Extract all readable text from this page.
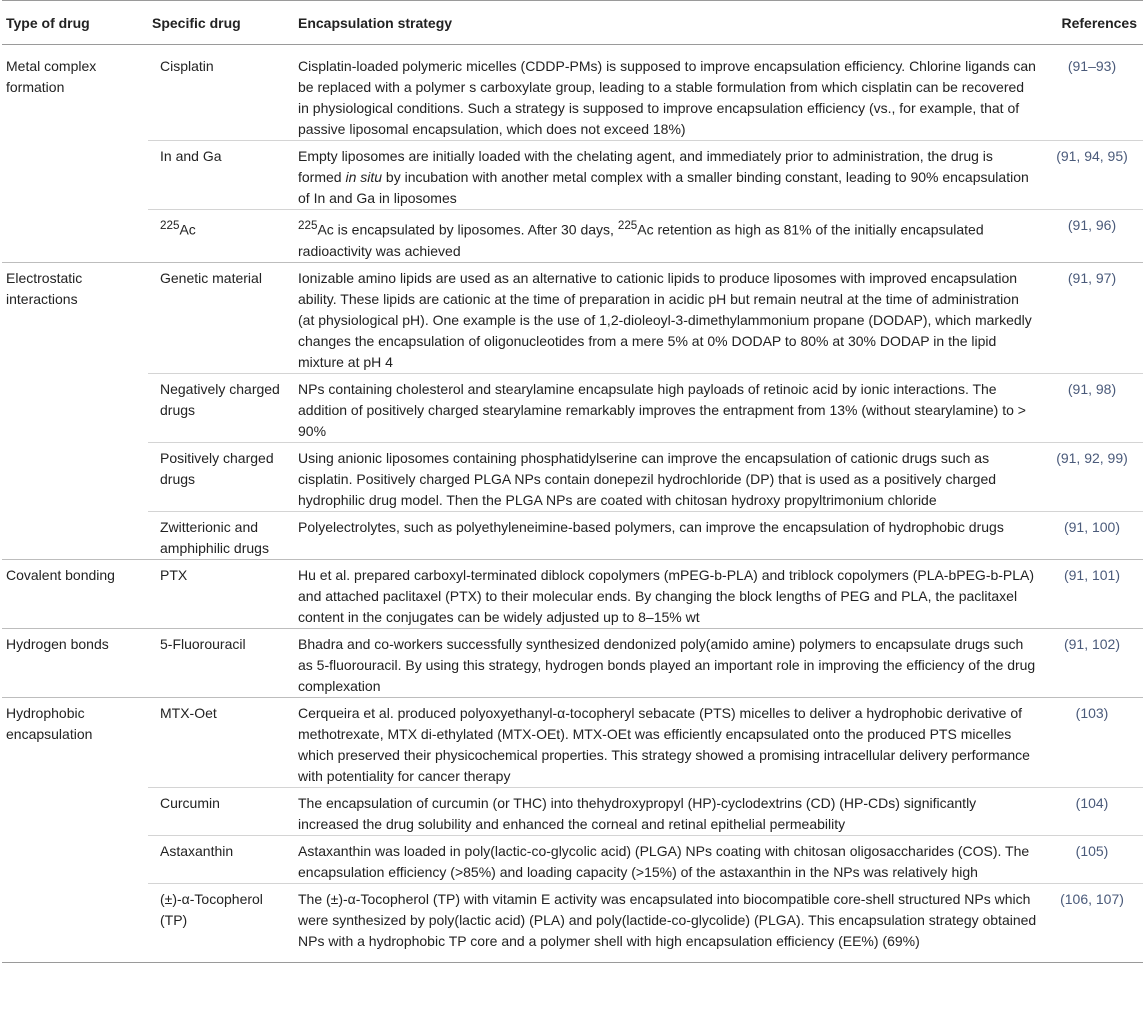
Type of drug	Specific drug	Encapsulation strategy	References
Metal complex formation	Cisplatin	Cisplatin-loaded polymeric micelles (CDDP-PMs) is supposed to improve encapsulation efficiency. Chlorine ligands can be replaced with a polymer s carboxylate group, leading to a stable formulation from which cisplatin can be recovered in physiological conditions. Such a strategy is supposed to improve encapsulation efficiency (vs., for example, that of passive liposomal encapsulation, which does not exceed 18%)	(91–93)
	In and Ga	Empty liposomes are initially loaded with the chelating agent, and immediately prior to administration, the drug is formed in situ by incubation with another metal complex with a smaller binding constant, leading to 90% encapsulation of In and Ga in liposomes	(91, 94, 95)
	$^{225}$Ac	$^{225}$Ac is encapsulated by liposomes. After 30 days, $^{225}$Ac retention as high as 81% of the initially encapsulated radioactivity was achieved	(91, 96)
Electrostatic interactions	Genetic material	Ionizable amino lipids are used as an alternative to cationic lipids to produce liposomes with improved encapsulation ability. These lipids are cationic at the time of preparation in acidic pH but remain neutral at the time of administration (at physiological pH). One example is the use of 1,2-dioleoyl-3-dimethylammonium propane (DODAP), which markedly changes the encapsulation of oligonucleotides from a mere 5% at 0% DODAP to 80% at 30% DODAP in the lipid mixture at pH 4	(91, 97)
	Negatively charged drugs	NPs containing cholesterol and stearylamine encapsulate high payloads of retinoic acid by ionic interactions. The addition of positively charged stearylamine remarkably improves the entrapment from 13% (without stearylamine) to > 90%	(91, 98)
	Positively charged drugs	Using anionic liposomes containing phosphatidylserine can improve the encapsulation of cationic drugs such as cisplatin. Positively charged PLGA NPs contain donepezil hydrochloride (DP) that is used as a positively charged hydrophilic drug model. Then the PLGA NPs are coated with chitosan hydroxy propyltrimonium chloride	(91, 92, 99)
	Zwitterionic and amphiphilic drugs	Polyelectrolytes, such as polyethyleneimine-based polymers, can improve the encapsulation of hydrophobic drugs	(91, 100)
Covalent bonding	PTX	Hu et al. prepared carboxyl-terminated diblock copolymers (mPEG-b-PLA) and triblock copolymers (PLA-bPEG-b-PLA) and attached paclitaxel (PTX) to their molecular ends. By changing the block lengths of PEG and PLA, the paclitaxel content in the conjugates can be widely adjusted up to 8–15% wt	(91, 101)
Hydrogen bonds	5-Fluorouracil	Bhadra and co-workers successfully synthesized dendonized poly(amido amine) polymers to encapsulate drugs such as 5-fluorouracil. By using this strategy, hydrogen bonds played an important role in improving the efficiency of the drug complexation	(91, 102)
Hydrophobic encapsulation	MTX-Oet	Cerqueira et al. produced polyoxyethanyl-α-tocopheryl sebacate (PTS) micelles to deliver a hydrophobic derivative of methotrexate, MTX di-ethylated (MTX-OEt). MTX-OEt was efficiently encapsulated onto the produced PTS micelles which preserved their physicochemical properties. This strategy showed a promising intracellular delivery performance with potentiality for cancer therapy	(103)
	Curcumin	The encapsulation of curcumin (or THC) into thehydroxypropyl (HP)-cyclodextrins (CD) (HP-CDs) significantly increased the drug solubility and enhanced the corneal and retinal epithelial permeability	(104)
	Astaxanthin	Astaxanthin was loaded in poly(lactic-co-glycolic acid) (PLGA) NPs coating with chitosan oligosaccharides (COS). The encapsulation efficiency (>85%) and loading capacity (>15%) of the astaxanthin in the NPs was relatively high	(105)
	(±)-α-Tocopherol (TP)	The (±)-α-Tocopherol (TP) with vitamin E activity was encapsulated into biocompatible core-shell structured NPs which were synthesized by poly(lactic acid) (PLA) and poly(lactide-co-glycolide) (PLGA). This encapsulation strategy obtained NPs with a hydrophobic TP core and a polymer shell with high encapsulation efficiency (EE%) (69%)	(106, 107)
